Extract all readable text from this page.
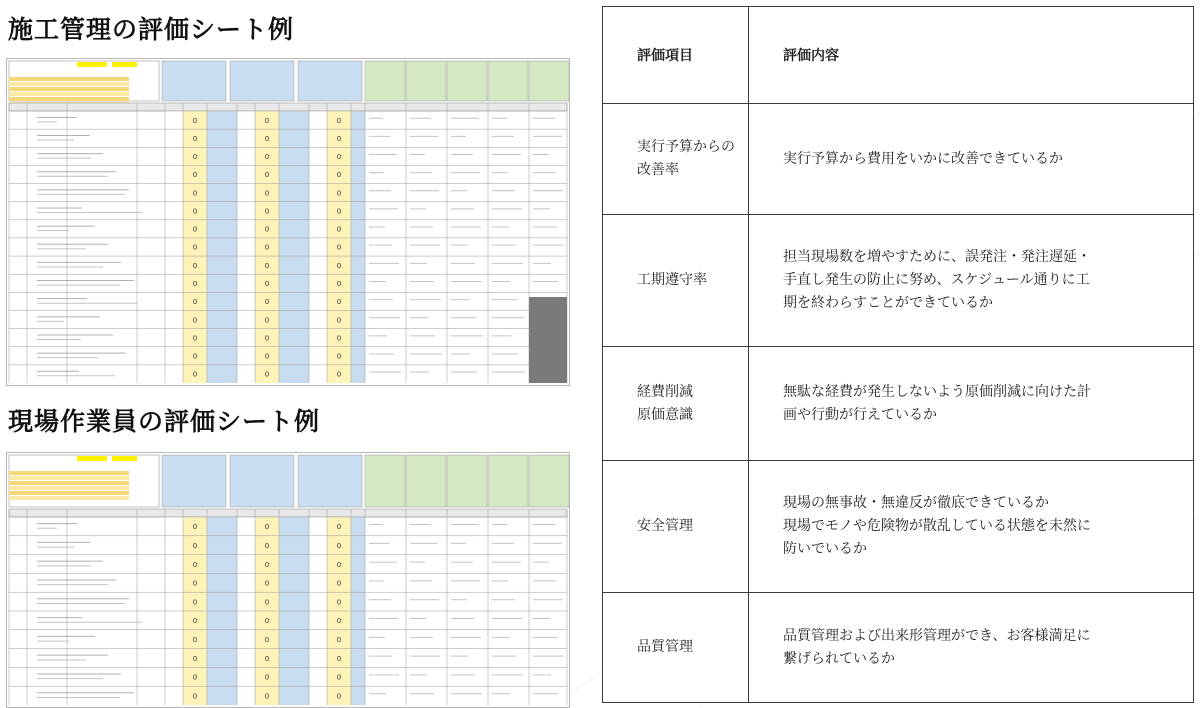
施工管理の評価シート例
0	0	0
0	0	0
0	0	0
0	0	0
0	0	0
0	0	0
0	0	0
0	0	0
0	0	0
0	0	0
0	0	0
0	0	0
0	0	0
0	0	0
0	0	0
現場作業員の評価シート例
0	0	0
0	0	0
0	0	0
0	0	0
0	0	0
0	0	0
0	0	0
0	0	0
0	0	0
0	0	0
評価項目	評価内容
実行予算からの
改善率	実行予算から費用をいかに改善できているか
工期遵守率	担当現場数を増やすために、誤発注・発注遅延・
手直し発生の防止に努め、スケジュール通りに工
期を終わらすことができているか
経費削減
原価意識	無駄な経費が発生しないよう原価削減に向けた計
画や行動が行えているか
安全管理	現場の無事故・無違反が徹底できているか
現場でモノや危険物が散乱している状態を未然に
防いでいるか
品質管理	品質管理および出来形管理ができ、お客様満足に
繋げられているか
